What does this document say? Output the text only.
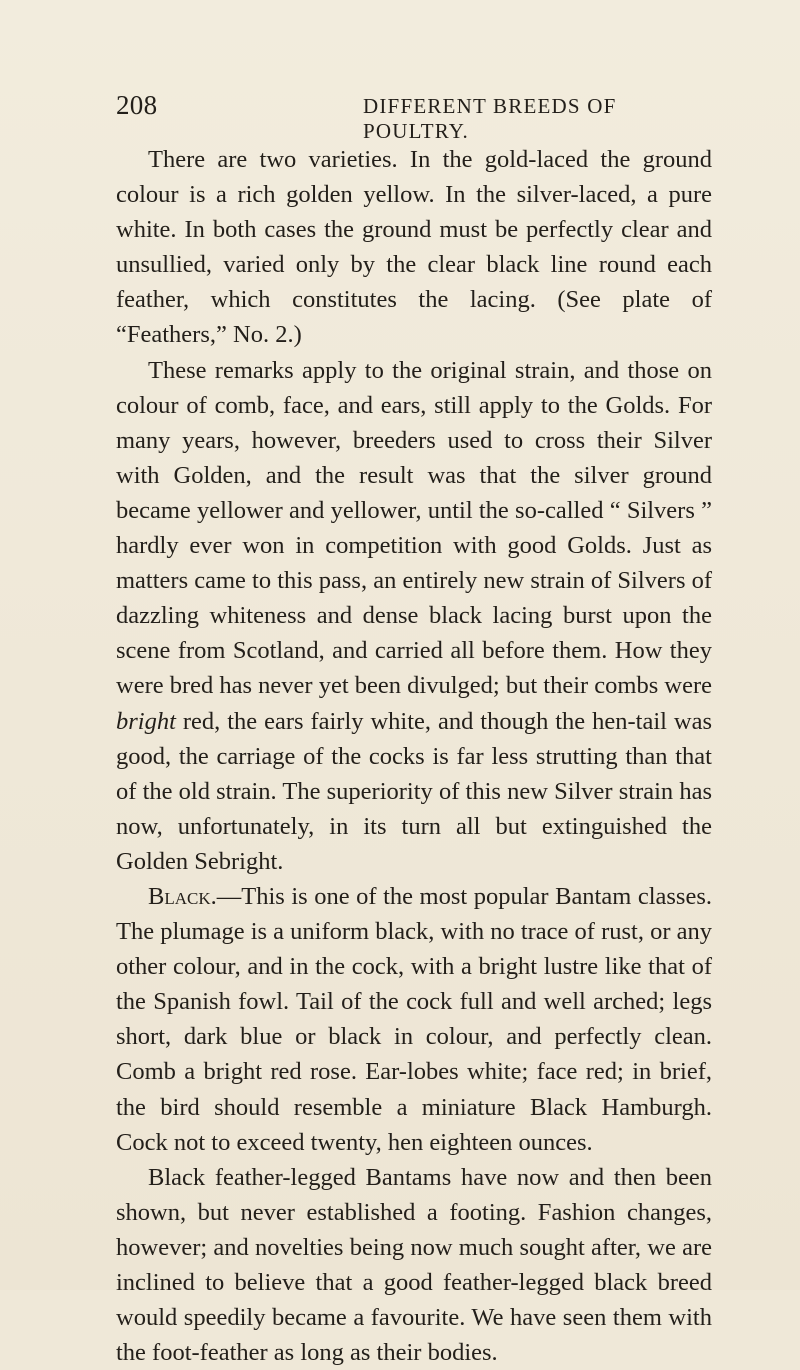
208	DIFFERENT BREEDS OF POULTRY.

There are two varieties. In the gold-laced the ground colour is a rich golden yellow. In the silver-laced, a pure white. In both cases the ground must be perfectly clear and unsullied, varied only by the clear black line round each feather, which constitutes the lacing. (See plate of “Feathers,” No. 2.)

These remarks apply to the original strain, and those on colour of comb, face, and ears, still apply to the Golds. For many years, however, breeders used to cross their Silver with Golden, and the result was that the silver ground became yellower and yellower, until the so-called “ Silvers ” hardly ever won in competition with good Golds. Just as matters came to this pass, an entirely new strain of Silvers of dazzling whiteness and dense black lacing burst upon the scene from Scotland, and carried all before them. How they were bred has never yet been divulged; but their combs were bright red, the ears fairly white, and though the hen-tail was good, the carriage of the cocks is far less strutting than that of the old strain. The superiority of this new Silver strain has now, unfortunately, in its turn all but extinguished the Golden Sebright.

Black.—This is one of the most popular Bantam classes. The plumage is a uniform black, with no trace of rust, or any other colour, and in the cock, with a bright lustre like that of the Spanish fowl. Tail of the cock full and well arched; legs short, dark blue or black in colour, and perfectly clean. Comb a bright red rose. Ear-lobes white; face red; in brief, the bird should resemble a miniature Black Hamburgh. Cock not to exceed twenty, hen eighteen ounces.

Black feather-legged Bantams have now and then been shown, but never established a footing. Fashion changes, however; and novelties being now much sought after, we are inclined to believe that a good feather-legged black breed would speedily became a favourite. We have seen them with the foot-feather as long as their bodies.
